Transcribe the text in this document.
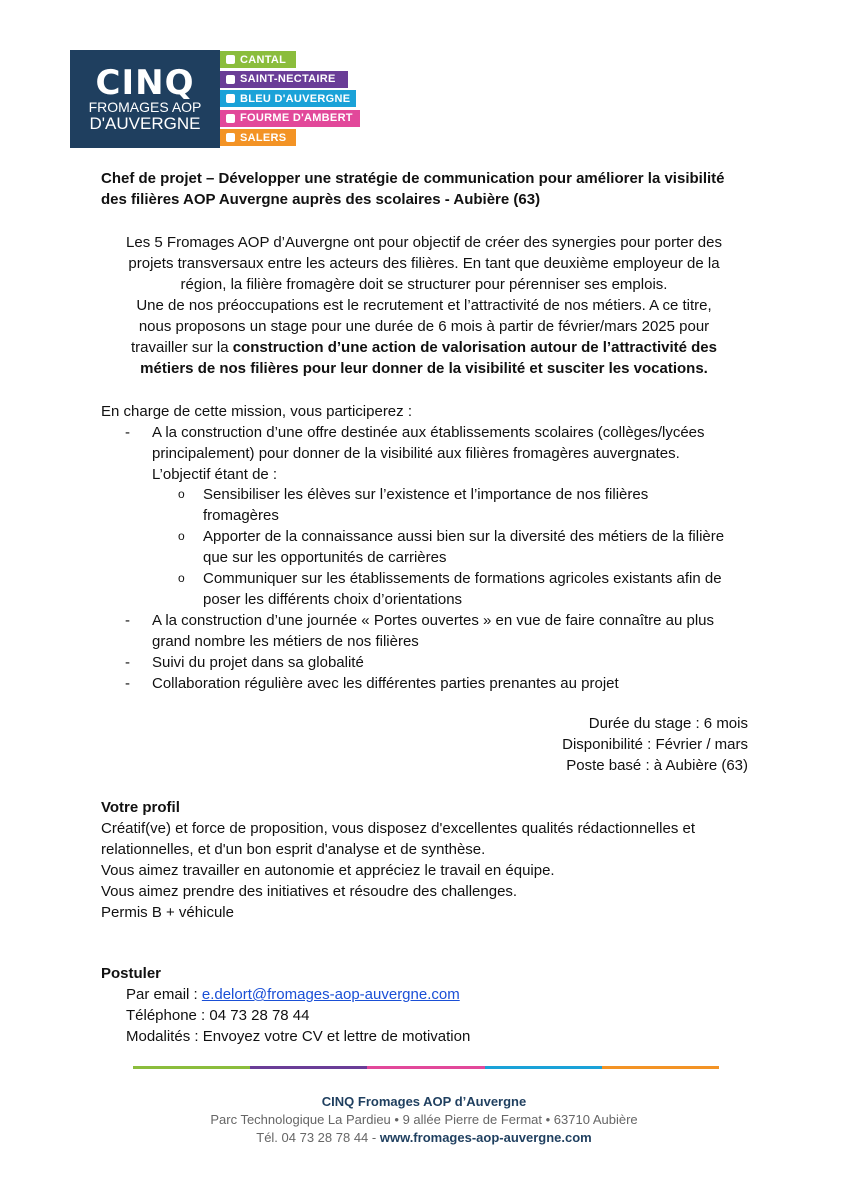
CINQ
FROMAGES AOP
D'AUVERGNE
CANTAL
SAINT-NECTAIRE
BLEU D'AUVERGNE
FOURME D'AMBERT
SALERS
Chef de projet – Développer une stratégie de communication pour améliorer la visibilité
des filières AOP Auvergne auprès des scolaires - Aubière (63)
Les 5 Fromages AOP d’Auvergne ont pour objectif de créer des synergies pour porter des
projets transversaux entre les acteurs des filières. En tant que deuxième employeur de la
région, la filière fromagère doit se structurer pour pérenniser ses emplois.
Une de nos préoccupations est le recrutement et l’attractivité de nos métiers. A ce titre,
nous proposons un stage pour une durée de 6 mois à partir de février/mars 2025 pour
travailler sur la construction d’une action de valorisation autour de l’attractivité des
métiers de nos filières pour leur donner de la visibilité et susciter les vocations.
En charge de cette mission, vous participerez :
- A la construction d’une offre destinée aux établissements scolaires (collèges/lycées
principalement) pour donner de la visibilité aux filières fromagères auvergnates.
L’objectif étant de :
o Sensibiliser les élèves sur l’existence et l’importance de nos filières
fromagères
o Apporter de la connaissance aussi bien sur la diversité des métiers de la filière
que sur les opportunités de carrières
o Communiquer sur les établissements de formations agricoles existants afin de
poser les différents choix d’orientations
- A la construction d’une journée « Portes ouvertes » en vue de faire connaître au plus
grand nombre les métiers de nos filières
- Suivi du projet dans sa globalité
- Collaboration régulière avec les différentes parties prenantes au projet
Durée du stage : 6 mois
Disponibilité : Février / mars
Poste basé : à Aubière (63)
Votre profil
Créatif(ve) et force de proposition, vous disposez d'excellentes qualités rédactionnelles et
relationnelles, et d'un bon esprit d'analyse et de synthèse.
Vous aimez travailler en autonomie et appréciez le travail en équipe.
Vous aimez prendre des initiatives et résoudre des challenges.
Permis B + véhicule
Postuler
Par email : e.delort@fromages-aop-auvergne.com
Téléphone : 04 73 28 78 44
Modalités : Envoyez votre CV et lettre de motivation
CINQ Fromages AOP d’Auvergne
Parc Technologique La Pardieu • 9 allée Pierre de Fermat • 63710 Aubière
Tél. 04 73 28 78 44 - www.fromages-aop-auvergne.com
